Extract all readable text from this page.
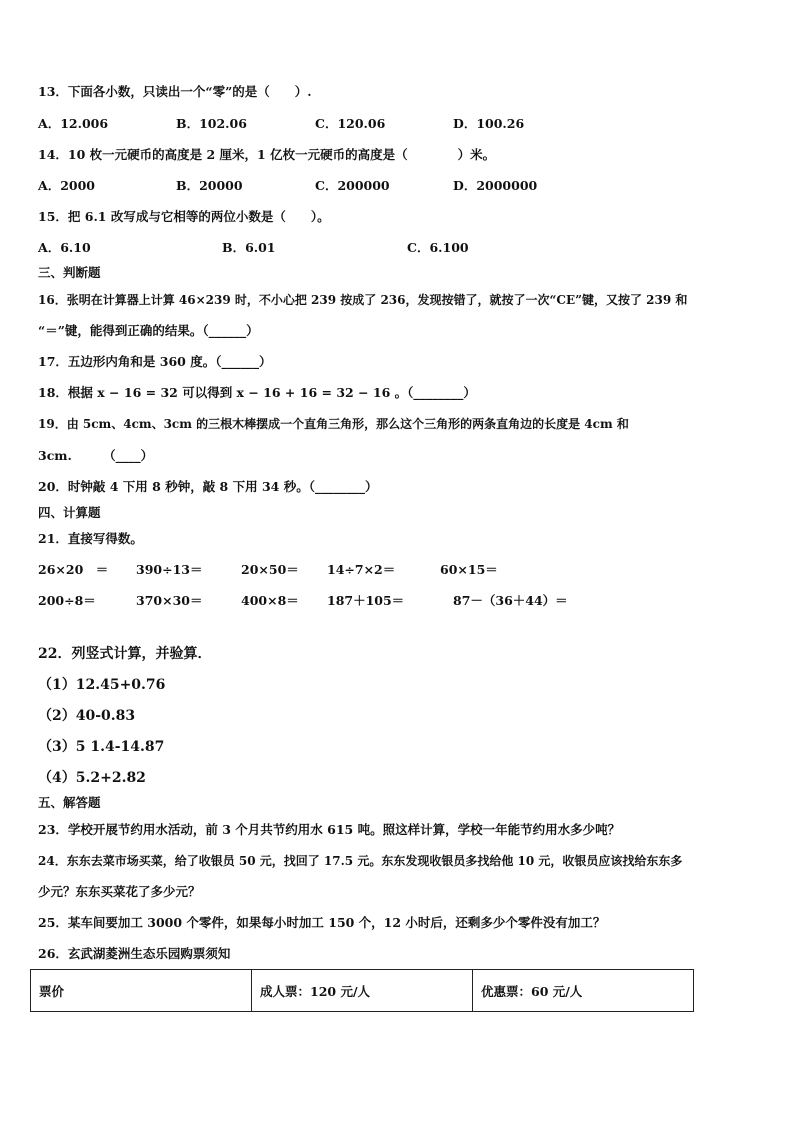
13．下面各小数，只读出一个“零”的是（　　）.
A．12.006	B．102.06	C．120.06	D．100.26
14．10 枚一元硬币的高度是 2 厘米，1 亿枚一元硬币的高度是（　　　　）米。
A．2000	B．20000	C．200000	D．2000000
15．把 6.1 改写成与它相等的两位小数是（　　）。
A．6.10	B．6.01	C．6.100
三、判断题
16．张明在计算器上计算 46×239 时，不小心把 239 按成了 236，发现按错了，就按了一次“CE”键，又按了 239 和
“＝”键，能得到正确的结果。（______）
17．五边形内角和是 360 度。（______）
18．根据 x − 16 = 32 可以得到 x − 16 + 16 = 32 − 16 。（________）
19．由 5cm、4cm、3cm 的三根木棒摆成一个直角三角形，那么这个三角形的两条直角边的长度是 4cm 和
3cm.　　　（____）
20．时钟敲 4 下用 8 秒钟，敲 8 下用 34 秒。（________）
四、计算题
21．直接写得数。
26×20　＝ 390÷13＝	20×50＝ 14÷7×2＝	60×15＝
200÷8＝	370×30＝	400×8＝ 187＋105＝	87－（36＋44）＝
22．列竖式计算，并验算．
（1）12.45+0.76
（2）40-0.83
（3）5 1.4-14.87
（4）5.2+2.82
五、解答题
23．学校开展节约用水活动，前 3 个月共节约用水 615 吨。照这样计算，学校一年能节约用水多少吨？
24．东东去菜市场买菜，给了收银员 50 元，找回了 17.5 元。东东发现收银员多找给他 10 元，收银员应该找给东东多
少元？东东买菜花了多少元？
25．某车间要加工 3000 个零件，如果每小时加工 150 个，12 小时后，还剩多少个零件没有加工？
26．玄武湖菱洲生态乐园购票须知
票价	成人票：120 元/人	优惠票：60 元/人
